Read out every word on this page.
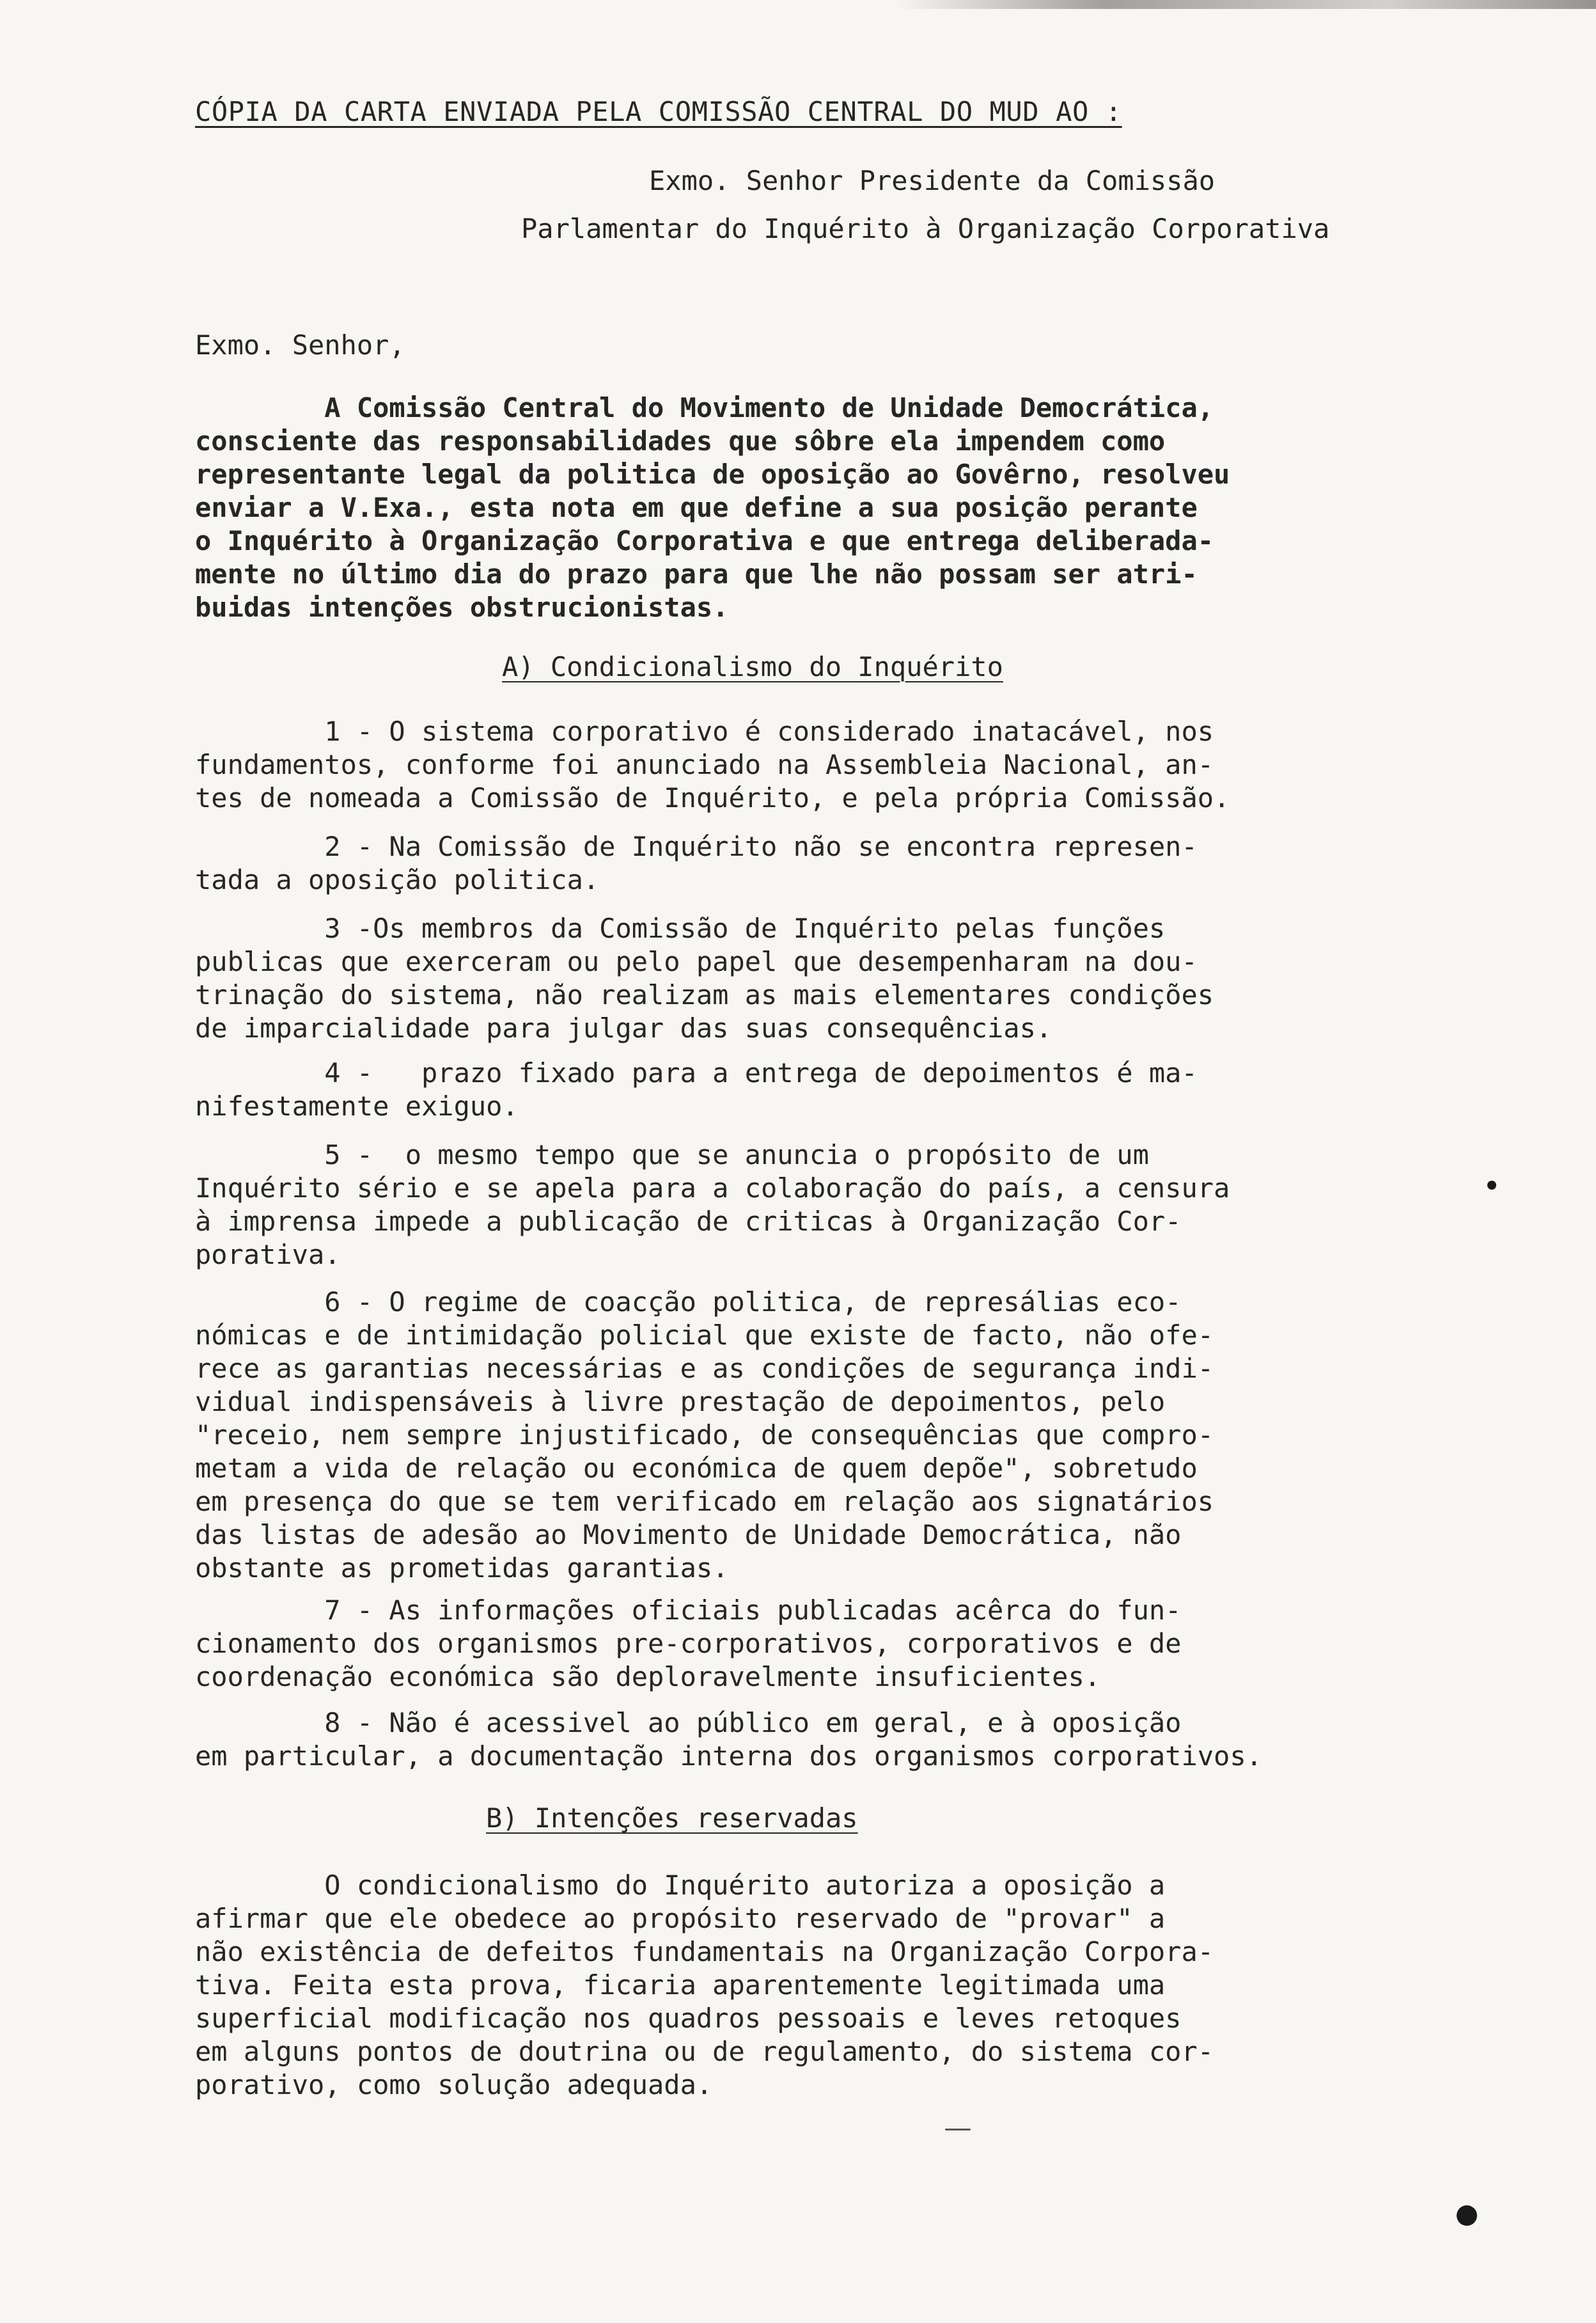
CÓPIA DA CARTA ENVIADA PELA COMISSÃO CENTRAL DO MUD AO :
Exmo. Senhor Presidente da Comissão
Parlamentar do Inquérito à Organização Corporativa
Exmo. Senhor,
A Comissão Central do Movimento de Unidade Democrática,
consciente das responsabilidades que sôbre ela impendem como
representante legal da politica de oposição ao Govêrno, resolveu
enviar a V.Exa., esta nota em que define a sua posição perante
o Inquérito à Organização Corporativa e que entrega deliberada-
mente no último dia do prazo para que lhe não possam ser atri-
buidas intenções obstrucionistas.
A) Condicionalismo do Inquérito
1 - O sistema corporativo é considerado inatacável, nos
fundamentos, conforme foi anunciado na Assembleia Nacional, an-
tes de nomeada a Comissão de Inquérito, e pela própria Comissão.
2 - Na Comissão de Inquérito não se encontra represen-
tada a oposição politica.
3 -Os membros da Comissão de Inquérito pelas funções
publicas que exerceram ou pelo papel que desempenharam na dou-
trinação do sistema, não realizam as mais elementares condições
de imparcialidade para julgar das suas consequências.
4 -   prazo fixado para a entrega de depoimentos é ma-
nifestamente exiguo.
5 -  o mesmo tempo que se anuncia o propósito de um
Inquérito sério e se apela para a colaboração do país, a censura
à imprensa impede a publicação de criticas à Organização Cor-
porativa.
6 - O regime de coacção politica, de represálias eco-
nómicas e de intimidação policial que existe de facto, não ofe-
rece as garantias necessárias e as condições de segurança indi-
vidual indispensáveis à livre prestação de depoimentos, pelo
"receio, nem sempre injustificado, de consequências que compro-
metam a vida de relação ou económica de quem depõe", sobretudo
em presença do que se tem verificado em relação aos signatários
das listas de adesão ao Movimento de Unidade Democrática, não
obstante as prometidas garantias.
7 - As informações oficiais publicadas acêrca do fun-
cionamento dos organismos pre-corporativos, corporativos e de
coordenação económica são deploravelmente insuficientes.
8 - Não é acessivel ao público em geral, e à oposição
em particular, a documentação interna dos organismos corporativos.
B) Intenções reservadas
O condicionalismo do Inquérito autoriza a oposição a
afirmar que ele obedece ao propósito reservado de "provar" a
não existência de defeitos fundamentais na Organização Corpora-
tiva. Feita esta prova, ficaria aparentemente legitimada uma
superficial modificação nos quadros pessoais e leves retoques
em alguns pontos de doutrina ou de regulamento, do sistema cor-
porativo, como solução adequada.
